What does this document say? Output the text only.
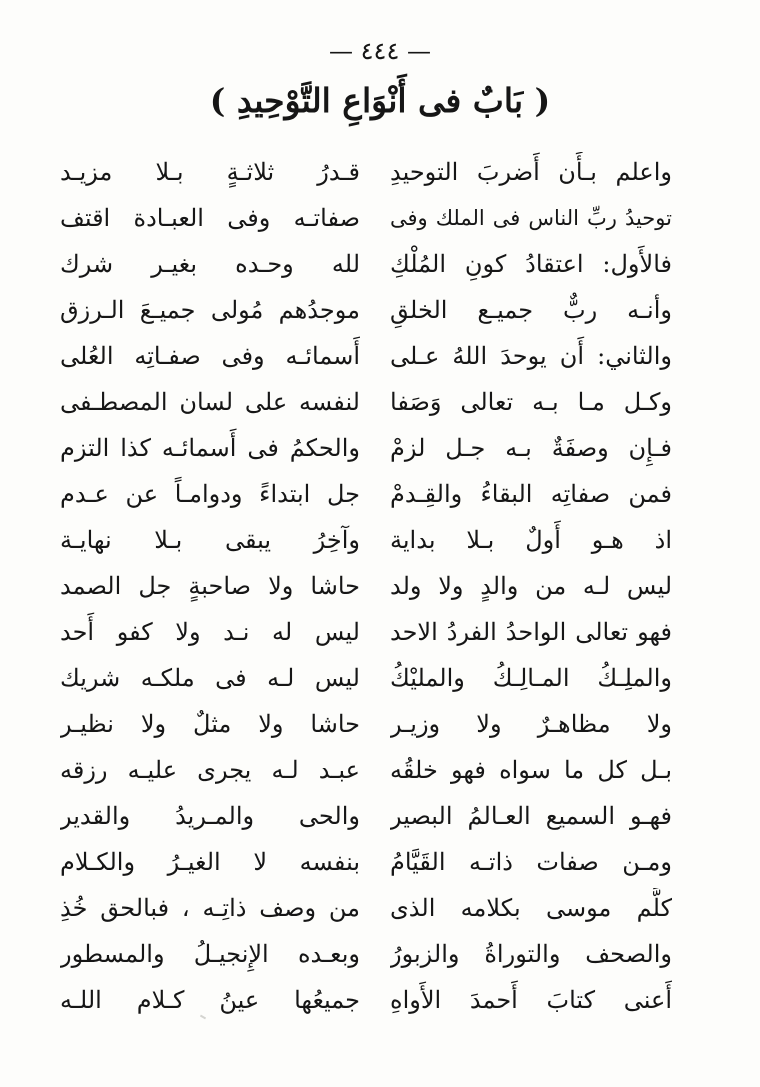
— ٤٤٤ —
( بَابٌ فى أَنْوَاعِ التَّوْحِيدِ )
واعلم بـأَن أَضربَ التوحيدِ
قـدرُ ثلاثـةٍ بـلا مزيـد
توحيدُ ربِّ الناس فى الملك وفى
صفاتـه وفى العبـادة اقتف
فالأَول: اعتقادُ كونِ المُلْكِ
لله وحـده بغيـر شرك
وأنـه ربٌّ جميـع الخلقِ
موجدُهم مُولى جميـعَ الـرزق
والثاني: أَن يوحدَ اللهُ عـلى
أَسمائـه وفى صفـاتِه العُلى
وكـل مـا بـه تعالى وَصَفا
لنفسه على لسان المصطـفى
فـإِن وصفَةٌ بـه جـل لزمْ
والحكمُ فى أَسمائـه كذا التزم
فمن صفاتِه البقاءُ والقِـدمْ
جل ابتداءً ودوامـاً عن عـدم
اذ هـو أَولٌ بـلا بداية
وآخِرُ يبقى بـلا نهايـة
ليس لـه من والدٍ ولا ولد
حاشا ولا صاحبةٍ جل الصمد
فهو تعالى الواحدُ الفردُ الاحد
ليس له نـد ولا كفو أَحد
والملِـكُ المـالِـكُ والمليْكُ
ليس لـه فى ملكـه شريك
ولا مظاهـرٌ ولا وزيـر
حاشا ولا مثلٌ ولا نظيـر
بـل كل ما سواه فهو خلقُه
عبـد لـه يجرى عليـه رزقه
فهـو السميع العـالمُ البصير
والحى والمـريدُ والقدير
ومـن صفات ذاتـه القَيَّامُ
بنفسه لا الغيـرُ والكـلام
كلَّم موسى بكلامه الذى
من وصف ذاتِـه ، فبالحق خُذِ
والصحف والتوراةُ والزبورُ
وبعـده الإِنجيـلُ والمسطور
أَعنى كتابَ أَحمدَ الأَواهِ
جميعُها عينُ كـلام اللـه
